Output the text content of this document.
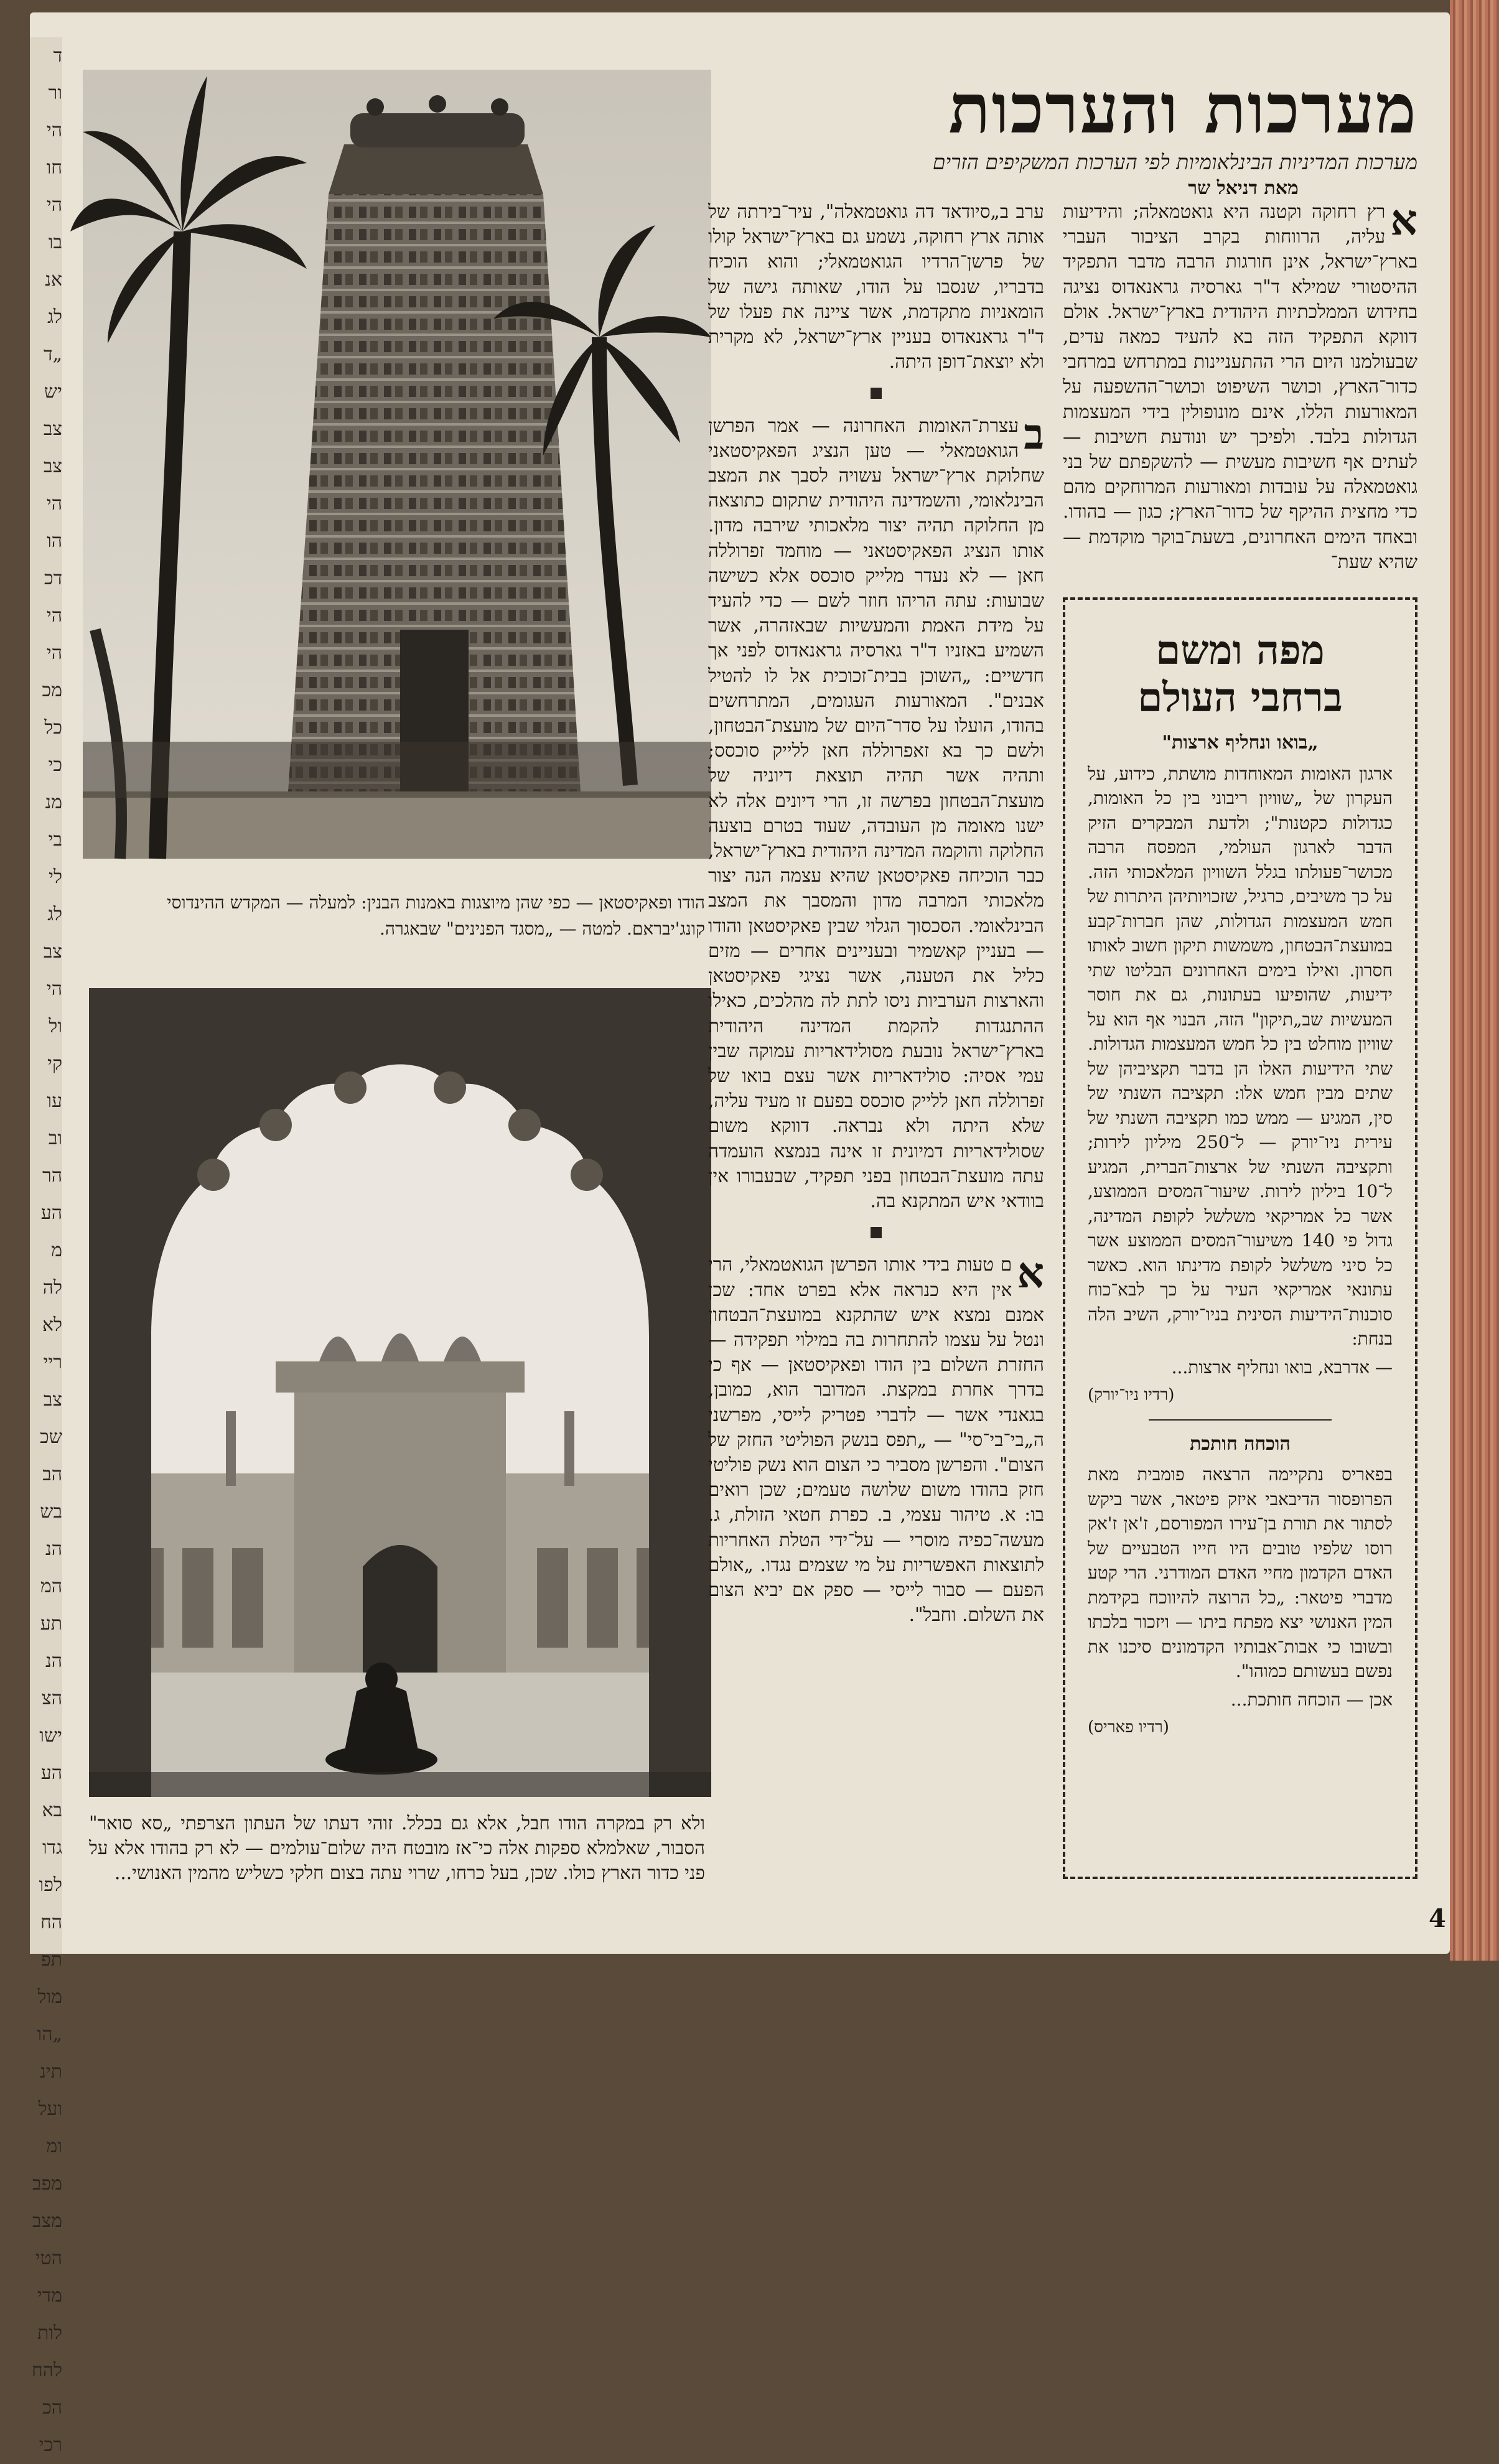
ד
ור
הי
חו
הי
בו
אנ
לג
„ד
יש
צב
צב
הי
הו
דכ
הי
הי
מכ
כל
כי
מנ
בי
לי
לג
צב
הי
ול
קי
עו
וב
הר
הע
מ
לה
לא
ריי
צב
שכ
הב
בש
הנ
המ
תע
הנ
הצ
ישו
הע
בא
גדו
לפו
הח
תפ
מול
„הו
תינ
ועל
ומ
מפב
מצב
הטי
מדי
לות
להח
הכ
רכי
הודו ופאקיסטאן — כפי שהן מיוצגות באמנות הבנין: למעלה — המקדש ההינדוסי קונג'יבראם. למטה — „מסגד הפנינים" שבאגרה.
ולא רק במקרה הודו חבל, אלא גם בכלל. זוהי דעתו של העתון הצרפתי „סא סואר" הסבור, שאלמלא ספקות אלה כי־אז מובטח היה שלום־עולמים — לא רק בהודו אלא על פני כדור הארץ כולו. שכן, בעל כרחו, שרוי עתה בצום חלקי כשליש מהמין האנושי...
מערכות והערכות
מערכות המדיניות הבינלאומיות לפי הערכות המשקיפים הזרים
מאת דניאל שר

א
רץ רחוקה וקטנה היא גואטמאלה; והידיעות עליה, הרווחות בקרב הציבור העברי בארץ־ישראל, אינן חורגות הרבה מדבר התפקיד ההיסטורי שמילא ד"ר גארסיה גראנאדוס נציגה בחידוש הממלכתיות היהודית בארץ־ישראל. אולם דווקא התפקיד הזה בא להעיד כמאה עדים, שבעולמנו היום הרי ההתעניינות במתרחש במרחבי כדור־הארץ, וכושר השיפוט וכושר־ההשפעה על המאורעות הללו, אינם מונופולין בידי המעצמות הגדולות בלבד. ולפיכך יש ונודעת חשיבות — לעתים אף חשיבות מעשית — להשקפתם של בני גואטמאלה על עובדות ומאורעות המרוחקים מהם כדי מחצית ההיקף של כדור־הארץ; כגון — בהודו. ובאחד הימים האחרונים, בשעת־בוקר מוקדמת — שהיא שעת־

ערב ב„סיודאד דה גואטמאלה", עיר־בירתה של אותה ארץ רחוקה, נשמע גם בארץ־ישראל קולו של פרשן־הרדיו הגואטמאלי; והוא הוכיח בדבריו, שנסבו על הודו, שאותה גישה של הומאניות מתקדמת, אשר ציינה את פעלו של ד"ר גראנאדוס בעניין ארץ־ישראל, לא מקרית ולא יוצאת־דופן היתה.

ב
עצרת־האומות האחרונה — אמר הפרשן הגואטמאלי — טען הנציג הפאקיסטאני שחלוקת ארץ־ישראל עשויה לסבך את המצב הבינלאומי, והשמדינה היהודית שתקום כתוצאה מן החלוקה תהיה יצור מלאכותי שירבה מדון. אותו הנציג הפאקיסטאני — מוחמד זפרוללה חאן — לא נעדר מלייק סוכסס אלא כשישה שבועות: עתה הריהו חוזר לשם — כדי להעיד על מידת האמת והמעשיות שבאזהרה, אשר השמיע באזניו ד"ר גארסיה גראנאדוס לפני אך חדשיים: „השוכן בבית־זכוכית אל לו להטיל אבנים". המאורעות העגומים, המתרחשים בהודו, הועלו על סדר־היום של מועצת־הבטחון, ולשם כך בא זאפרוללה חאן ללייק סוכסס; ותהיה אשר תהיה תוצאת דיוניה של מועצת־הבטחון בפרשה זו, הרי דיונים אלה לא ישנו מאומה מן העובדה, שעוד בטרם בוצעה החלוקה והוקמה המדינה היהודית בארץ־ישראל, כבר הוכיחה פאקיסטאן שהיא עצמה הנה יצור מלאכותי המרבה מדון והמסבך את המצב הבינלאומי. הסכסוך הגלוי שבין פאקיסטאן והודו — בעניין קאשמיר ובעניינים אחרים — מזים כליל את הטענה, אשר נציגי פאקיסטאן והארצות הערביות ניסו לתת לה מהלכים, כאילו ההתנגדות להקמת המדינה היהודית בארץ־ישראל נובעת מסולידאריות עמוקה שבין עמי אסיה: סולידאריות אשר עצם בואו של זפרוללה חאן ללייק סוכסס בפעם זו מעיד עליה, שלא היתה ולא נבראה. דווקא משום שסולידאריות דמיונית זו אינה בנמצא הועמדה עתה מועצת־הבטחון בפני תפקיד, שבעבורו אין בוודאי איש המתקנא בה.

א
ם טעות בידי אותו הפרשן הגואטמאלי, הרי אין היא כנראה אלא בפרט אחד: שכן אמנם נמצא איש שהתקנא במועצת־הבטחון ונטל על עצמו להתחרות בה במילוי תפקידה — החזרת השלום בין הודו ופאקיסטאן — אף כי בדרך אחרת במקצת. המדובר הוא, כמובן, בגאנדי אשר — לדברי פטריק לייסי, מפרשני ה„בי־בי־סי" — „תפס בנשק הפוליטי החזק של הצום". והפרשן מסביר כי הצום הוא נשק פוליטי חזק בהודו משום שלושה טעמים; שכן רואים בו: א. טיהור עצמי, ב. כפרת חטאי הזולת, ג. מעשה־כפיה מוסרי — על־ידי הטלת האחריות לתוצאות האפשריות על מי שצמים נגדו. „אולם הפעם — סבור לייסי — ספק אם יביא הצום את השלום. וחבל".

מפה ומשם
ברחבי העולם
„בואו ונחליף ארצות"

ארגון האומות המאוחדות מושתת, כידוע, על העקרון של „שוויון ריבוני בין כל האומות, כגדולות כקטנות"; ולדעת המבקרים הזיק הדבר לארגון העולמי, המפסח הרבה מכושר־פעולתו בגלל השוויון המלאכותי הזה. על כך משיבים, כרגיל, שזכויותיהן היתרות של חמש המעצמות הגדולות, שהן חברות־קבע במועצת־הבטחון, משמשות תיקון חשוב לאותו חסרון. ואילו בימים האחרונים הבליטו שתי ידיעות, שהופיעו בעתונות, גם את חוסר המעשיות שב„תיקון" הזה, הבנוי אף הוא על שוויון מוחלט בין כל חמש המעצמות הגדולות. שתי הידיעות האלו הן בדבר תקציביהן של שתים מבין חמש אלו: תקציבה השנתי של סין, המגיע — ממש כמו תקציבה השנתי של עירית ניו־יורק — ל־250 מיליון לירות; ותקציבה השנתי של ארצות־הברית, המגיע ל־10 ביליון לירות. שיעור־המסים הממוצע, אשר כל אמריקאי משלשל לקופת המדינה, גדול פי 140 משיעור־המסים הממוצע אשר כל סיני משלשל לקופת מדינתו הוא. כאשר עתונאי אמריקאי העיר על כך לבא־כוח סוכנות־הידיעות הסינית בניו־יורק, השיב הלה בנחת:

— אדרבא, בואו ונחליף ארצות...

(רדיו ניו־יורק)
הוכחה חותכת

בפאריס נתקיימה הרצאה פומבית מאת הפרופסור הדיבאבי איזק פיטאר, אשר ביקש לסתור את תורת בן־עירו המפורסם, ז'אן ז'אק רוסו שלפיו טובים היו חייו הטבעיים של האדם הקדמון מחיי האדם המודרני. הרי קטע מדברי פיטאר: „כל הרוצה להיווכח בקידמת המין האנושי יצא מפתח ביתו — ויזכור בלכתו ובשובו כי אבות־אבותיו הקדמונים סיכנו את נפשם בעשותם כמוהו".

אכן — הוכחה חותכת...

(רדיו פאריס)
4
